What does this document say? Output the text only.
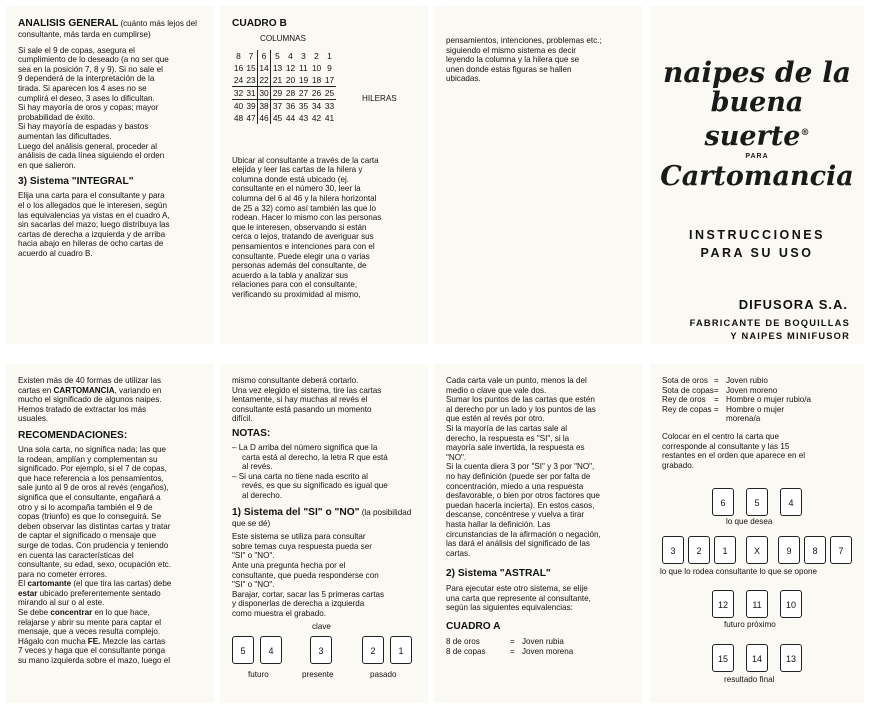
ANALISIS GENERAL (cuánto más lejos del consultante, más tarda en cumplirse)

Si sale el 9 de copas, asegura el

cumplimiento de lo deseado (a no ser que

sea en la posición 7, 8 y 9). Si no sale el

9 dependerá de la interpretación de la

tirada. Si aparecen los 4 ases no se

cumplirá el deseo, 3 ases lo dificultan.

Si hay mayoría de oros y copas; mayor

probabilidad de éxito.

Si hay mayoría de espadas y bastos

aumentan las dificultades.

Luego del análisis general, proceder al

análisis de cada línea siguiendo el orden

en que salieron.

3) Sistema "INTEGRAL"

Elija una carta para el consultante y para

el o los allegados que le interesen, según

las equivalencias ya vistas en el cuadro A,

sin sacarlas del mazo; luego distribuya las

cartas de derecha a izquierda y de arriba

hacia abajo en hileras de ocho cartas de

acuerdo al cuadro B.

CUADRO B

COLUMNAS
8 7 6	5 4 3 2 1
16 15 14 13 12 11 10 9
24 23 22 21 20 19 18 17
32 31 30 29 28 27 26 25
40 39 38 37 36 35 34 33
48 47 46 45 44 43 42 41
HILERAS

Ubicar al consultante a través de la carta

elejida y leer las cartas de la hilera y

columna donde está ubicado (ej.

consultante en el número 30, leer la

columna del 6 al 46 y la hilera horizontal

de 25 a 32) como así también las que lo

rodean. Hacer lo mismo con las personas

que le interesen, observando si están

cerca o lejos, tratando de averiguar sus

pensamientos e intenciones para con el

consultante. Puede elegir una o varias

personas además del consultante, de

acuerdo a la tabla y analizar sus

relaciones para con el consultante,

verificando su proximidad al mismo,

pensamientos, intenciones, problemas etc.;

siguiendo el mismo sistema es decir

leyendo la columna y la hilera que se

unen donde estas figuras se hallen

ubicadas.	naipes de la
buena suerte®
PARA
Cartomancia
INSTRUCCIONES
PARA SU USO
DIFUSORA S.A.
FABRICANTE DE BOQUILLAS
Y NAIPES MINIFUSOR

Existen más de 40 formas de utilizar las

cartas en CARTOMANCIA, variando en

mucho el significado de algunos naipes.

Hemos tratado de extractar los más

usuales.

RECOMENDACIONES:

Una sola carta, no significa nada; las que

la rodean, amplían y complementan su

significado. Por ejemplo, si el 7 de copas,

que hace referencia a los pensamientos,

sale junto al 9 de oros al revés (engaños),

significa que el consultante, engañará a

otro y si lo acompaña también el 9 de

copas (triunfo) es que lo conseguirá. Se

deben observar las distintas cartas y tratar

de captar el significado o mensaje que

surge de todas. Con prudencia y teniendo

en cuenta las características del

consultante, su edad, sexo, ocupación etc.

para no cometer errores.

El cartomante (el que tira las cartas) debe

estar ubicado preferentemente sentado

mirando al sur o al este.

Se debe concentrar en lo que hace,

relajarse y abrir su mente para captar el

mensaje, que a veces resulta complejo.

Hágalo con mucha FE. Mezcle las cartas

7 veces y haga que el consultante ponga

su mano izquierda sobre el mazo, luego el

mismo consultante deberá cortarlo.

Una vez elegido el sistema, tire las cartas

lentamente, si hay muchas al revés el

consultante está pasando un momento

difícil.

NOTAS:

– La D arriba del número significa que la

carta está al derecho, la letra R que está

al revés.

– Si una carta no tiene nada escrito al

revés, es que su significado es igual que

al derecho.

1) Sistema del "SI" o "NO" (la posibilidad que se dé)

Este sistema se utiliza para consultar

sobre temas cuya respuesta pueda ser

"SI" o "NO".

Ante una pregunta hecha por el

consultante, que pueda responderse con

"SI" o "NO".

Barajar, cortar, sacar las 5 primeras cartas

y disponerlas de derecha a izquierda

como muestra el grabado.

clave
5	4	3	2	1
futuro	presente	pasado

Cada carta vale un punto, menos la del

medio o clave que vale dos.

Sumar los puntos de las cartas que estén

al derecho por un lado y los puntos de las

que estén al revés por otro.

Si la mayoría de las cartas sale al

derecho, la respuesta es "SI", si la

mayoría sale invertida, la respuesta es

"NO".

Si la cuenta diera 3 por "SI" y 3 por "NO",

no hay definición (puede ser por falta de

concentración, miedo a una respuesta

desfavorable, o bien por otros factores que

puedan hacerla incierta). En estos casos,

descanse, concéntrese y vuelva a tirar

hasta hallar la definición. Las

circunstancias de la afirmación o negación,

las dará el análisis del significado de las

cartas.

2) Sistema "ASTRAL"

Para ejecutar este otro sistema, se elije

una carta que represente al consultante,

según las siguientes equivalencias:

CUADRO A

8 de oros	= Joven rubia
8 de copas	= Joven morena
Sota de oros = Joven rubio
Sota de copas = Joven moreno
Rey de oros	= Hombre o mujer rubio/a
Rey de copas = Hombre o mujer
morena/a

Colocar en el centro la carta que

corresponde al consultante y las 15

restantes en el orden que aparece en el

grabado.

6	5	4
lo que desea
3	2	1	X	9	8	7
lo que lo rodea consultante lo que se opone
12	11	10
futuro próximo
15	14	13
resultado final
